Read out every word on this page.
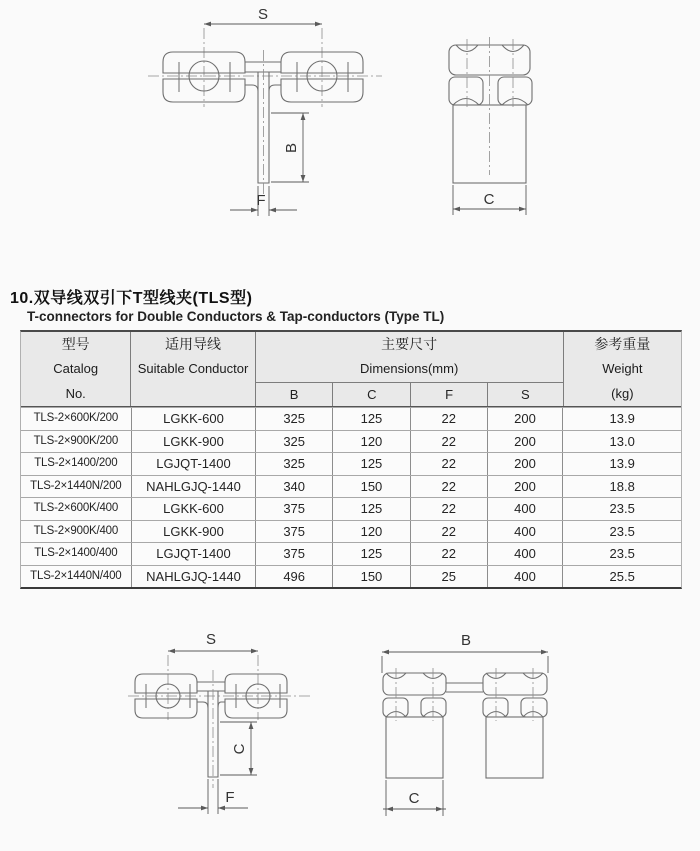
S
B
F	C
10.双导线双引下T型线夹(TLS型)
T-connectors for Double Conductors & Tap-conductors (Type TL)
型号
Catalog
No.
适用导线
Suitable Conductor
主要尺寸
Dimensions(mm)
B	C	F	S
参考重量
Weight
(kg)
TLS-2×600K/200	LGKK-600	325	125	22	200	13.9
TLS-2×900K/200	LGKK-900	325	120	22	200	13.0
TLS-2×1400/200	LGJQT-1400	325	125	22	200	13.9
TLS-2×1440N/200	NAHLGJQ-1440	340	150	22	200	18.8
TLS-2×600K/400	LGKK-600	375	125	22	400	23.5
TLS-2×900K/400	LGKK-900	375	120	22	400	23.5
TLS-2×1400/400	LGJQT-1400	375	125	22	400	23.5
TLS-2×1440N/400	NAHLGJQ-1440	496	150	25	400	25.5
S
C
F
B
C
